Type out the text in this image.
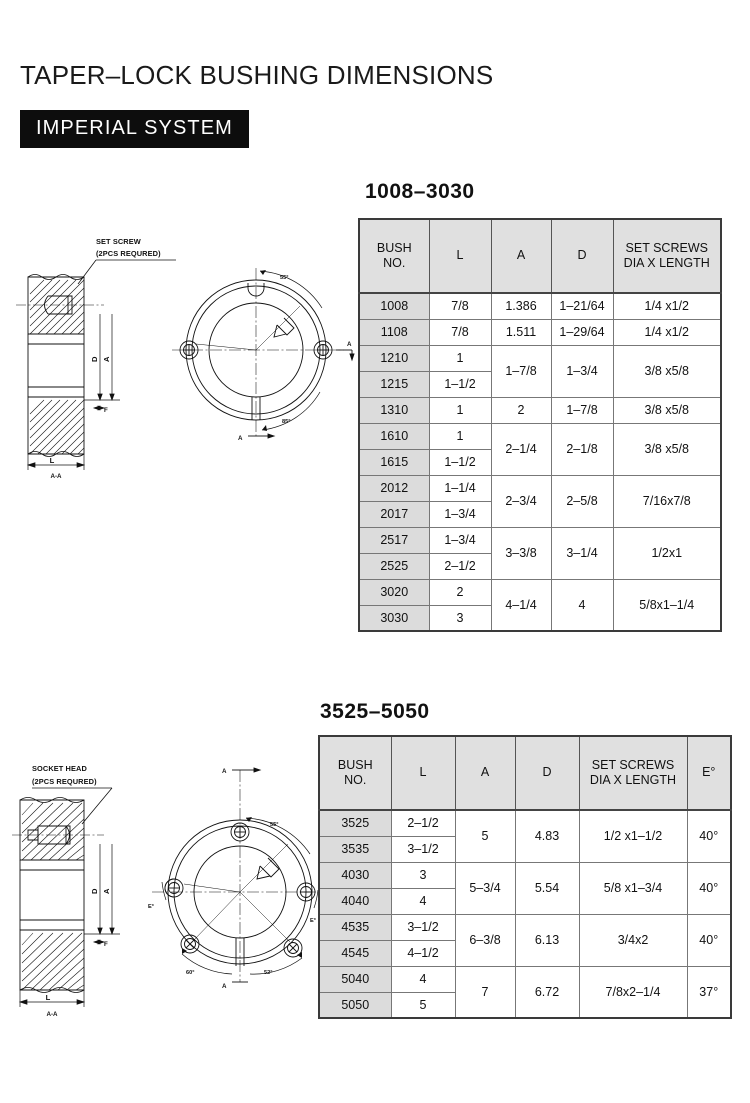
TAPER–LOCK BUSHING DIMENSIONS
IMPERIAL SYSTEM
1008–3030
3525–5050
SET SCREW
(2PCS REQURED)
D A
F
L
A-A
55°
85°
A
A
SOCKET HEAD
(2PCS REQURED)
D A
F
L
A-A
55°
60°	52°
E°
E°
A
A
BUSH
NO.

L	A	D

SET SCREWS
DIA X LENGTH

1008	7/8	1.386	1–21/64	1/4 x1/2
1108	7/8	1.511	1–29/64	1/4 x1/2
1210	1	1–7/8	1–3/4	3/8 x5/8
1215	1–1/2			
1310	1	2	1–7/8	3/8 x5/8
1610	1	2–1/4	2–1/8	3/8 x5/8
1615	1–1/2			
2012	1–1/4	2–3/4	2–5/8	7/16x7/8
2017	1–3/4			
2517	1–3/4	3–3/8	3–1/4	1/2x1
2525	2–1/2			
3020	2	4–1/4	4	5/8x1–1/4
3030	3			
BUSH
NO.

L	A	D

SET SCREWS
DIA X LENGTH

E°

3525	2–1/2	5	4.83	1/2 x1–1/2	40°
3535	3–1/2				
4030	3	5–3/4	5.54	5/8 x1–3/4	40°
4040	4				
4535	3–1/2	6–3/8	6.13	3/4x2	40°
4545	4–1/2				
5040	4	7	6.72	7/8x2–1/4	37°
5050	5				
